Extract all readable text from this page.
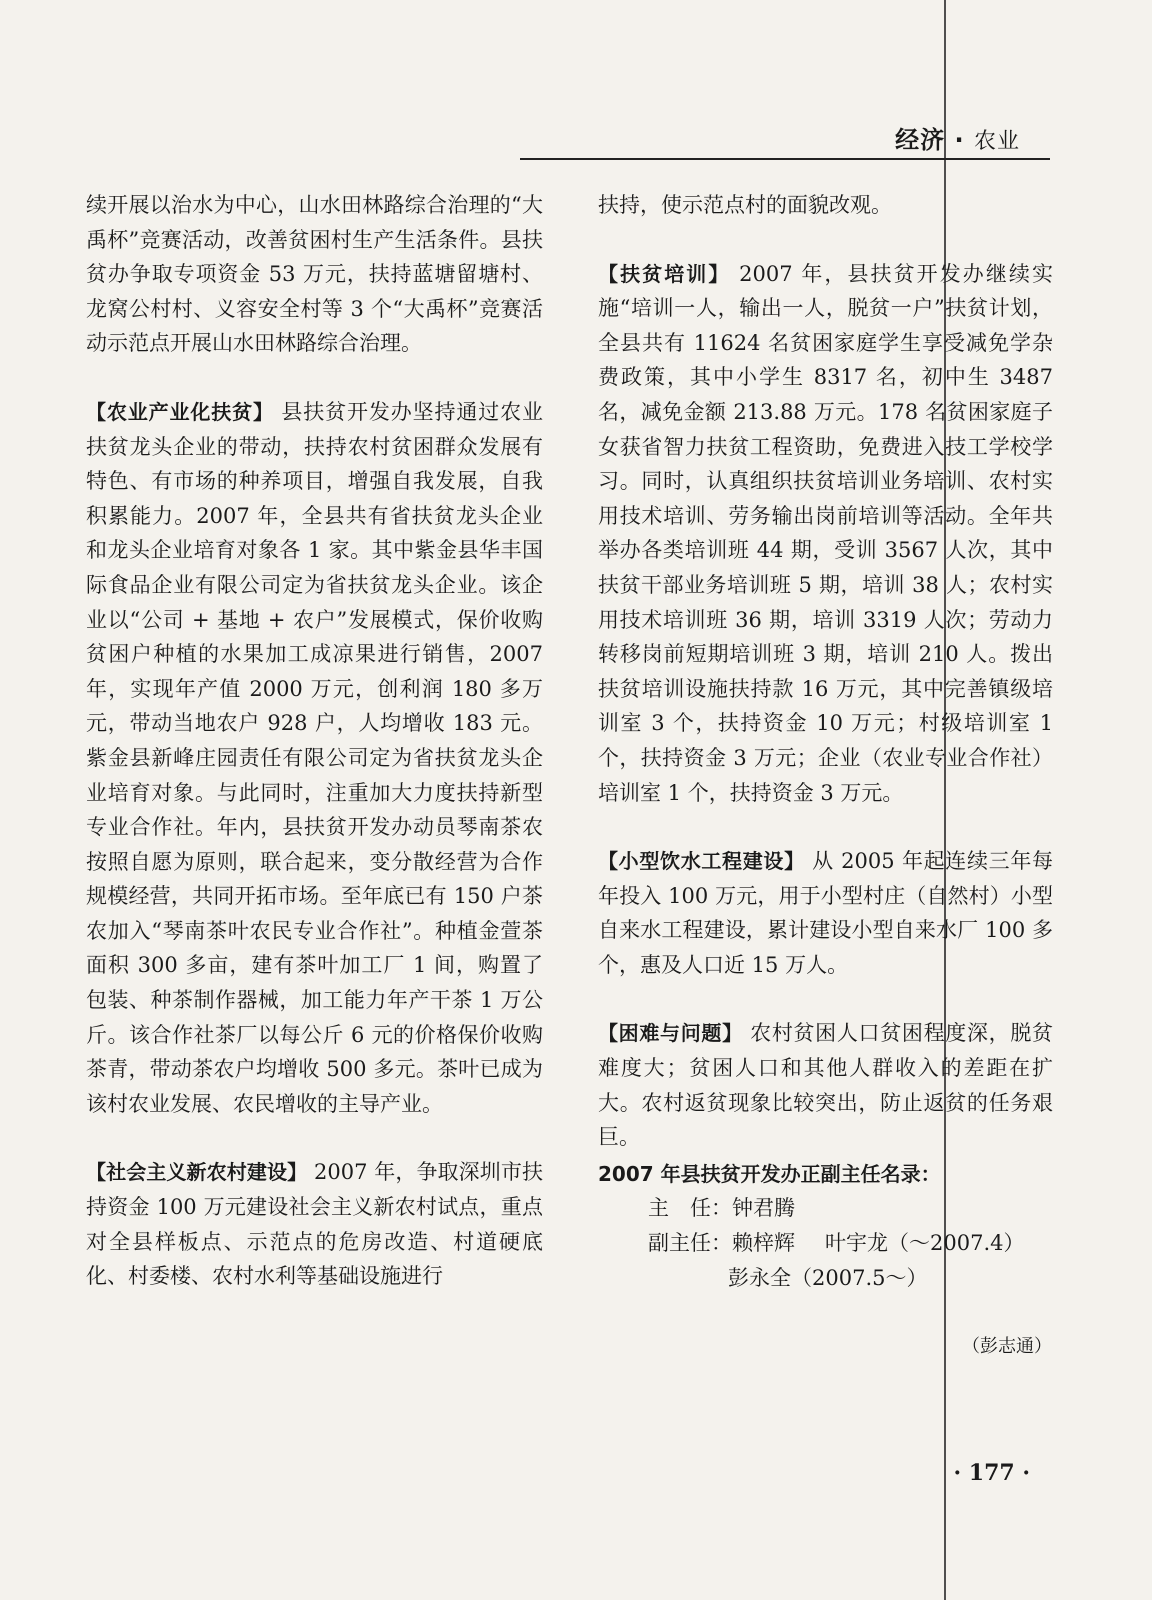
经济 · 农业

续开展以治水为中心，山水田林路综合治理的“大禹杯”竞赛活动，改善贫困村生产生活条件。县扶贫办争取专项资金 53 万元，扶持蓝塘留塘村、龙窝公村村、义容安全村等 3 个“大禹杯”竞赛活动示范点开展山水田林路综合治理。

【农业产业化扶贫】 县扶贫开发办坚持通过农业扶贫龙头企业的带动，扶持农村贫困群众发展有特色、有市场的种养项目，增强自我发展，自我积累能力。2007 年，全县共有省扶贫龙头企业和龙头企业培育对象各 1 家。其中紫金县华丰国际食品企业有限公司定为省扶贫龙头企业。该企业以“公司 + 基地 + 农户”发展模式，保价收购贫困户种植的水果加工成凉果进行销售，2007 年，实现年产值 2000 万元，创利润 180 多万元，带动当地农户 928 户，人均增收 183 元。紫金县新峰庄园责任有限公司定为省扶贫龙头企业培育对象。与此同时，注重加大力度扶持新型专业合作社。年内，县扶贫开发办动员琴南茶农按照自愿为原则，联合起来，变分散经营为合作规模经营，共同开拓市场。至年底已有 150 户茶农加入“琴南茶叶农民专业合作社”。种植金萱茶面积 300 多亩，建有茶叶加工厂 1 间，购置了包装、种茶制作器械，加工能力年产干茶 1 万公斤。该合作社茶厂以每公斤 6 元的价格保价收购茶青，带动茶农户均增收 500 多元。茶叶已成为该村农业发展、农民增收的主导产业。

【社会主义新农村建设】 2007 年，争取深圳市扶持资金 100 万元建设社会主义新农村试点，重点对全县样板点、示范点的危房改造、村道硬底化、村委楼、农村水利等基础设施进行

扶持，使示范点村的面貌改观。

【扶贫培训】 2007 年，县扶贫开发办继续实施“培训一人，输出一人，脱贫一户”扶贫计划，全县共有 11624 名贫困家庭学生享受减免学杂费政策，其中小学生 8317 名，初中生 3487 名，减免金额 213.88 万元。178 名贫困家庭子女获省智力扶贫工程资助，免费进入技工学校学习。同时，认真组织扶贫培训业务培训、农村实用技术培训、劳务输出岗前培训等活动。全年共举办各类培训班 44 期，受训 3567 人次，其中扶贫干部业务培训班 5 期，培训 38 人；农村实用技术培训班 36 期，培训 3319 人次；劳动力转移岗前短期培训班 3 期，培训 210 人。拨出扶贫培训设施扶持款 16 万元，其中完善镇级培训室 3 个，扶持资金 10 万元；村级培训室 1 个，扶持资金 3 万元；企业（农业专业合作社）培训室 1 个，扶持资金 3 万元。

【小型饮水工程建设】 从 2005 年起连续三年每年投入 100 万元，用于小型村庄（自然村）小型自来水工程建设，累计建设小型自来水厂 100 多个，惠及人口近 15 万人。

【困难与问题】 农村贫困人口贫困程度深，脱贫难度大；贫困人口和其他人群收入的差距在扩大。农村返贫现象比较突出，防止返贫的任务艰巨。

2007 年县扶贫开发办正副主任名录：
主　任：钟君腾
副主任：赖梓辉 叶宇龙（～2007.4）
彭永全（2007.5～）
（彭志通）
· 177 ·
